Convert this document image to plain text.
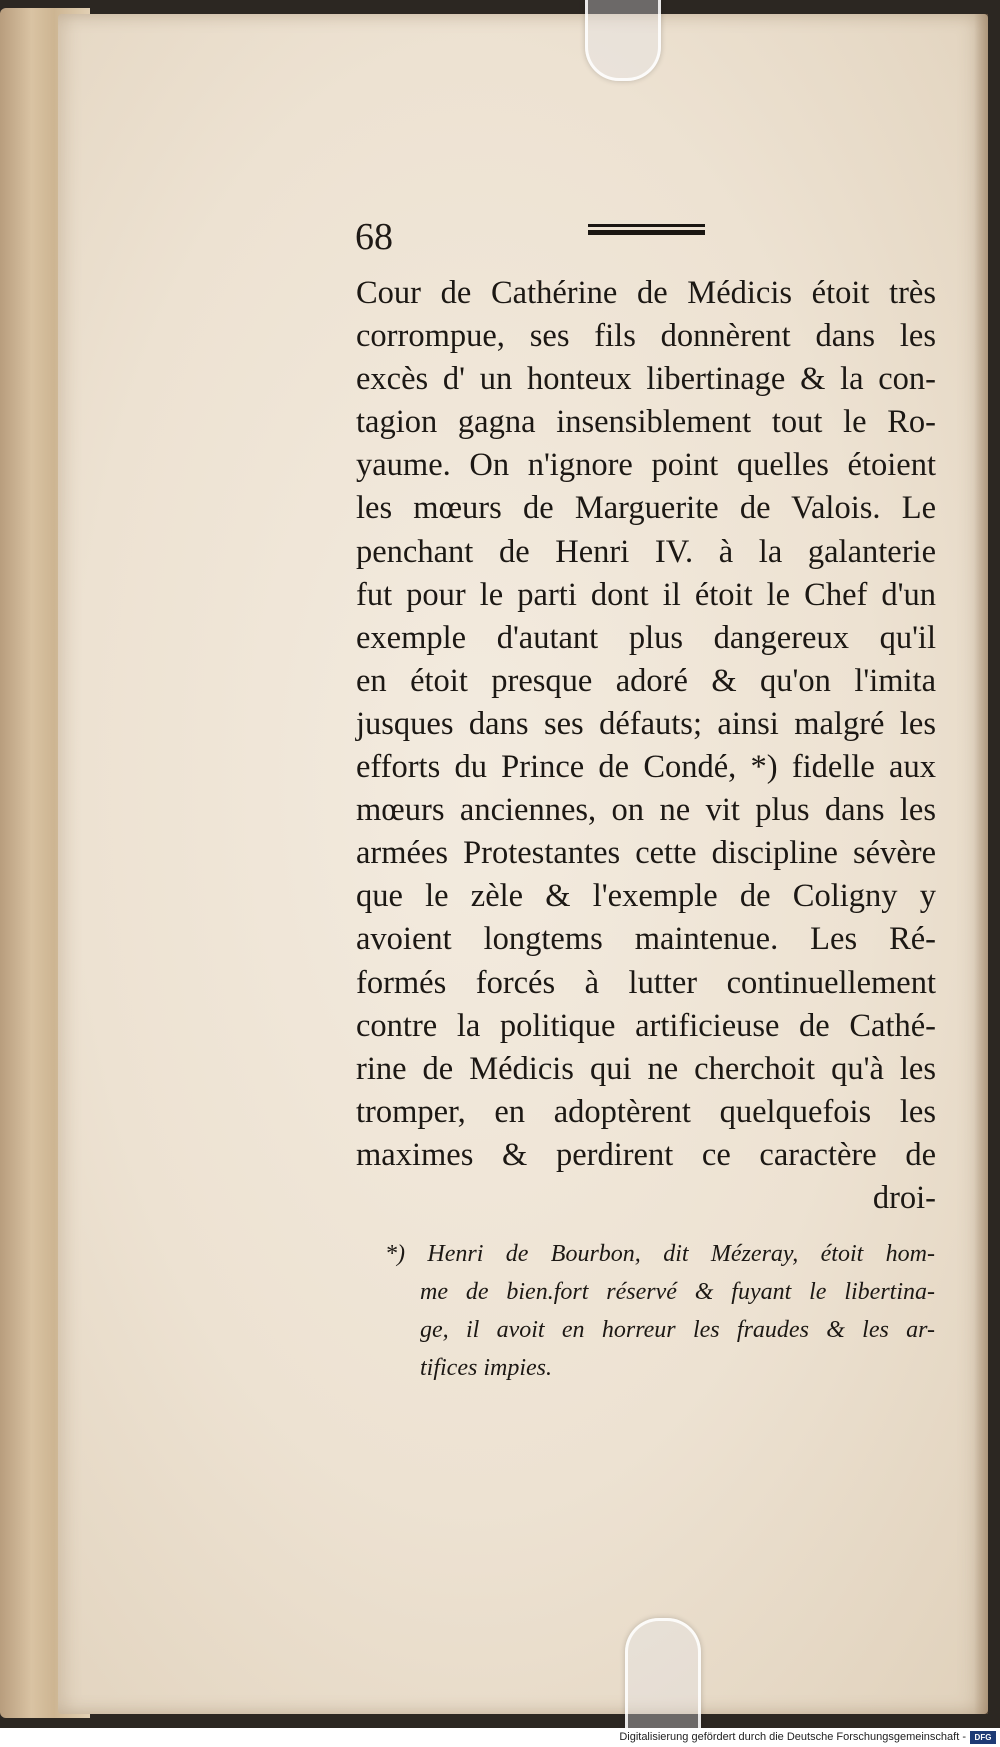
68
Cour de Cathérine de Médicis étoit très
corrompue, ses fils donnèrent dans les
excès d' un honteux libertinage & la con-
tagion gagna insensiblement tout le Ro-
yaume. On n'ignore point quelles étoient
les mœurs de Marguerite de Valois. Le
penchant de Henri IV. à la galanterie
fut pour le parti dont il étoit le Chef d'un
exemple d'autant plus dangereux qu'il
en étoit presque adoré & qu'on l'imita
jusques dans ses défauts; ainsi malgré les
efforts du Prince de Condé, *) fidelle aux
mœurs anciennes, on ne vit plus dans les
armées Protestantes cette discipline sévère
que le zèle & l'exemple de Coligny y
avoient longtems maintenue. Les Ré-
formés forcés à lutter continuellement
contre la politique artificieuse de Cathé-
rine de Médicis qui ne cherchoit qu'à les
tromper, en adoptèrent quelquefois les
maximes & perdirent ce caractère de
droi-
*) Henri de Bourbon, dit Mézeray, étoit hom-
me de bien.fort réservé & fuyant le libertina-
ge, il avoit en horreur les fraudes & les ar-
tifices impies.
Digitalisierung gefördert durch die Deutsche Forschungsgemeinschaft - DFG
